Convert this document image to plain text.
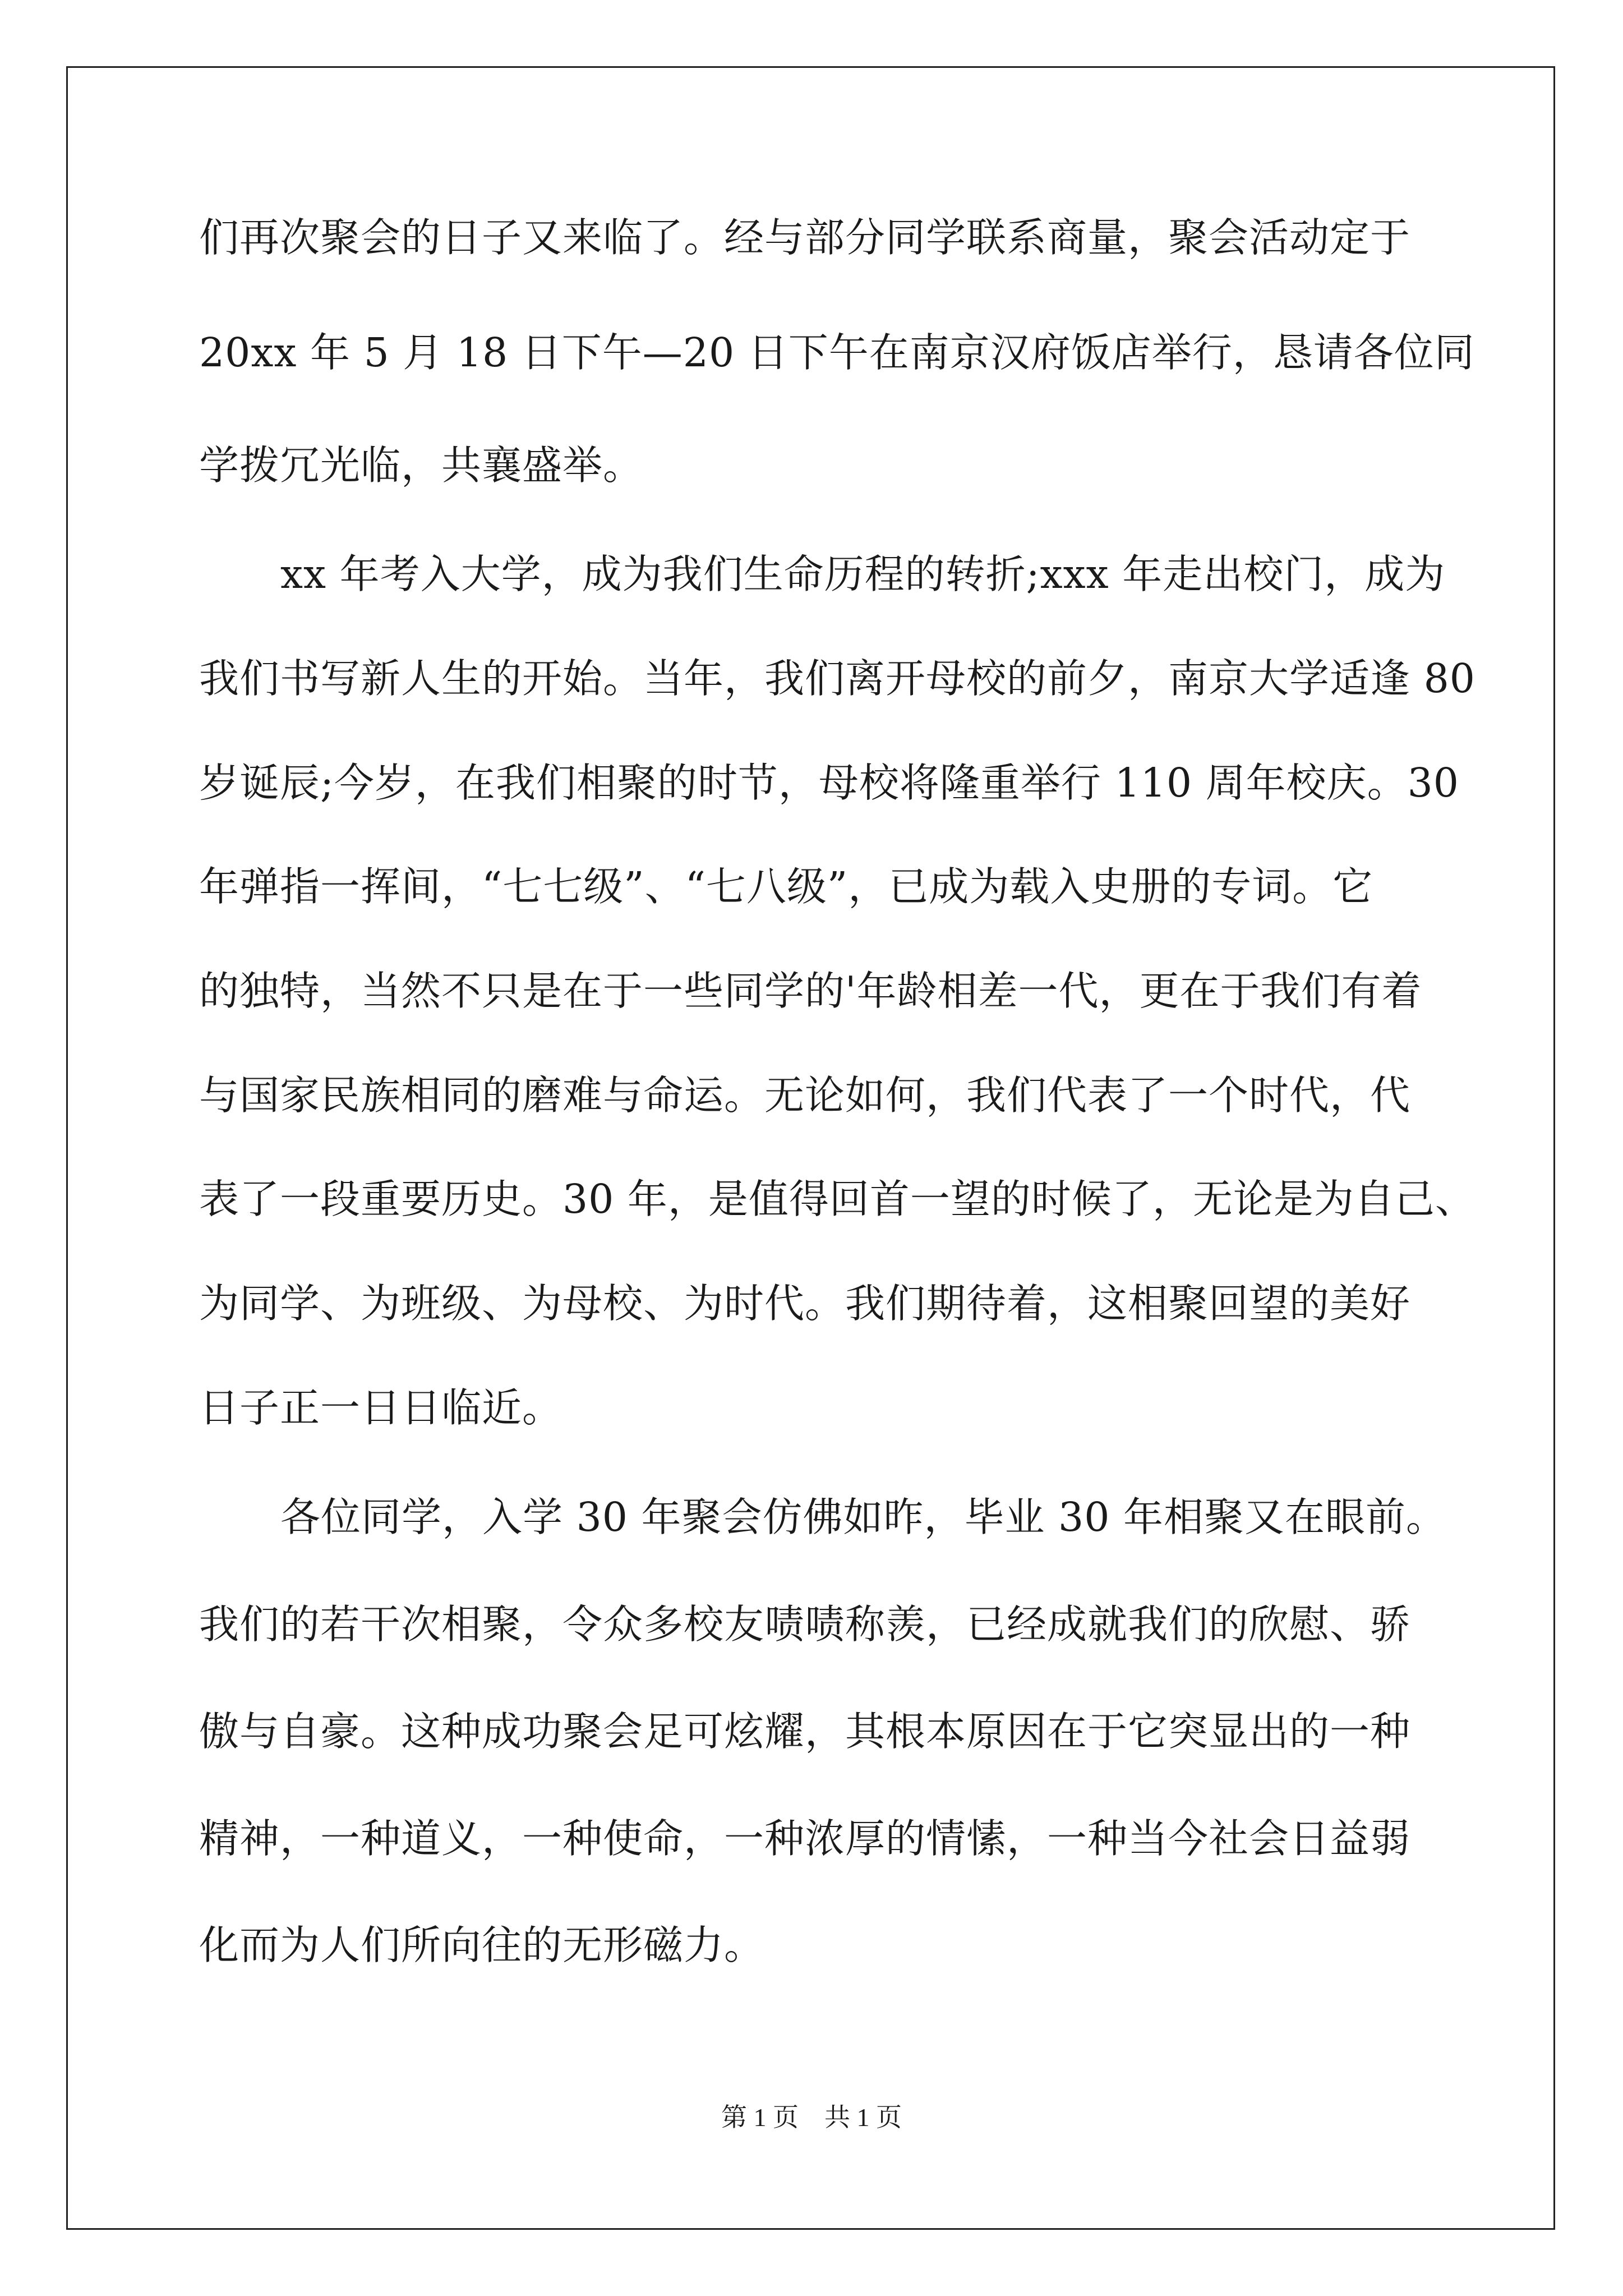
们再次聚会的日子又来临了。经与部分同学联系商量，聚会活动定于
20xx 年 5 月 18 日下午—20 日下午在南京汉府饭店举行，恳请各位同
学拨冗光临，共襄盛举。
xx 年考入大学，成为我们生命历程的转折;xxx 年走出校门，成为
我们书写新人生的开始。当年，我们离开母校的前夕，南京大学适逢 80
岁诞辰;今岁，在我们相聚的时节，母校将隆重举行 110 周年校庆。30
年弹指一挥间，“七七级”、“七八级”，已成为载入史册的专词。它
的独特，当然不只是在于一些同学的'年龄相差一代，更在于我们有着
与国家民族相同的磨难与命运。无论如何，我们代表了一个时代，代
表了一段重要历史。30 年，是值得回首一望的时候了，无论是为自己、
为同学、为班级、为母校、为时代。我们期待着，这相聚回望的美好
日子正一日日临近。
各位同学，入学 30 年聚会仿佛如昨，毕业 30 年相聚又在眼前。
我们的若干次相聚，令众多校友啧啧称羡，已经成就我们的欣慰、骄
傲与自豪。这种成功聚会足可炫耀，其根本原因在于它突显出的一种
精神，一种道义，一种使命，一种浓厚的情愫，一种当今社会日益弱
化而为人们所向往的无形磁力。
第 1 页　共 1 页
